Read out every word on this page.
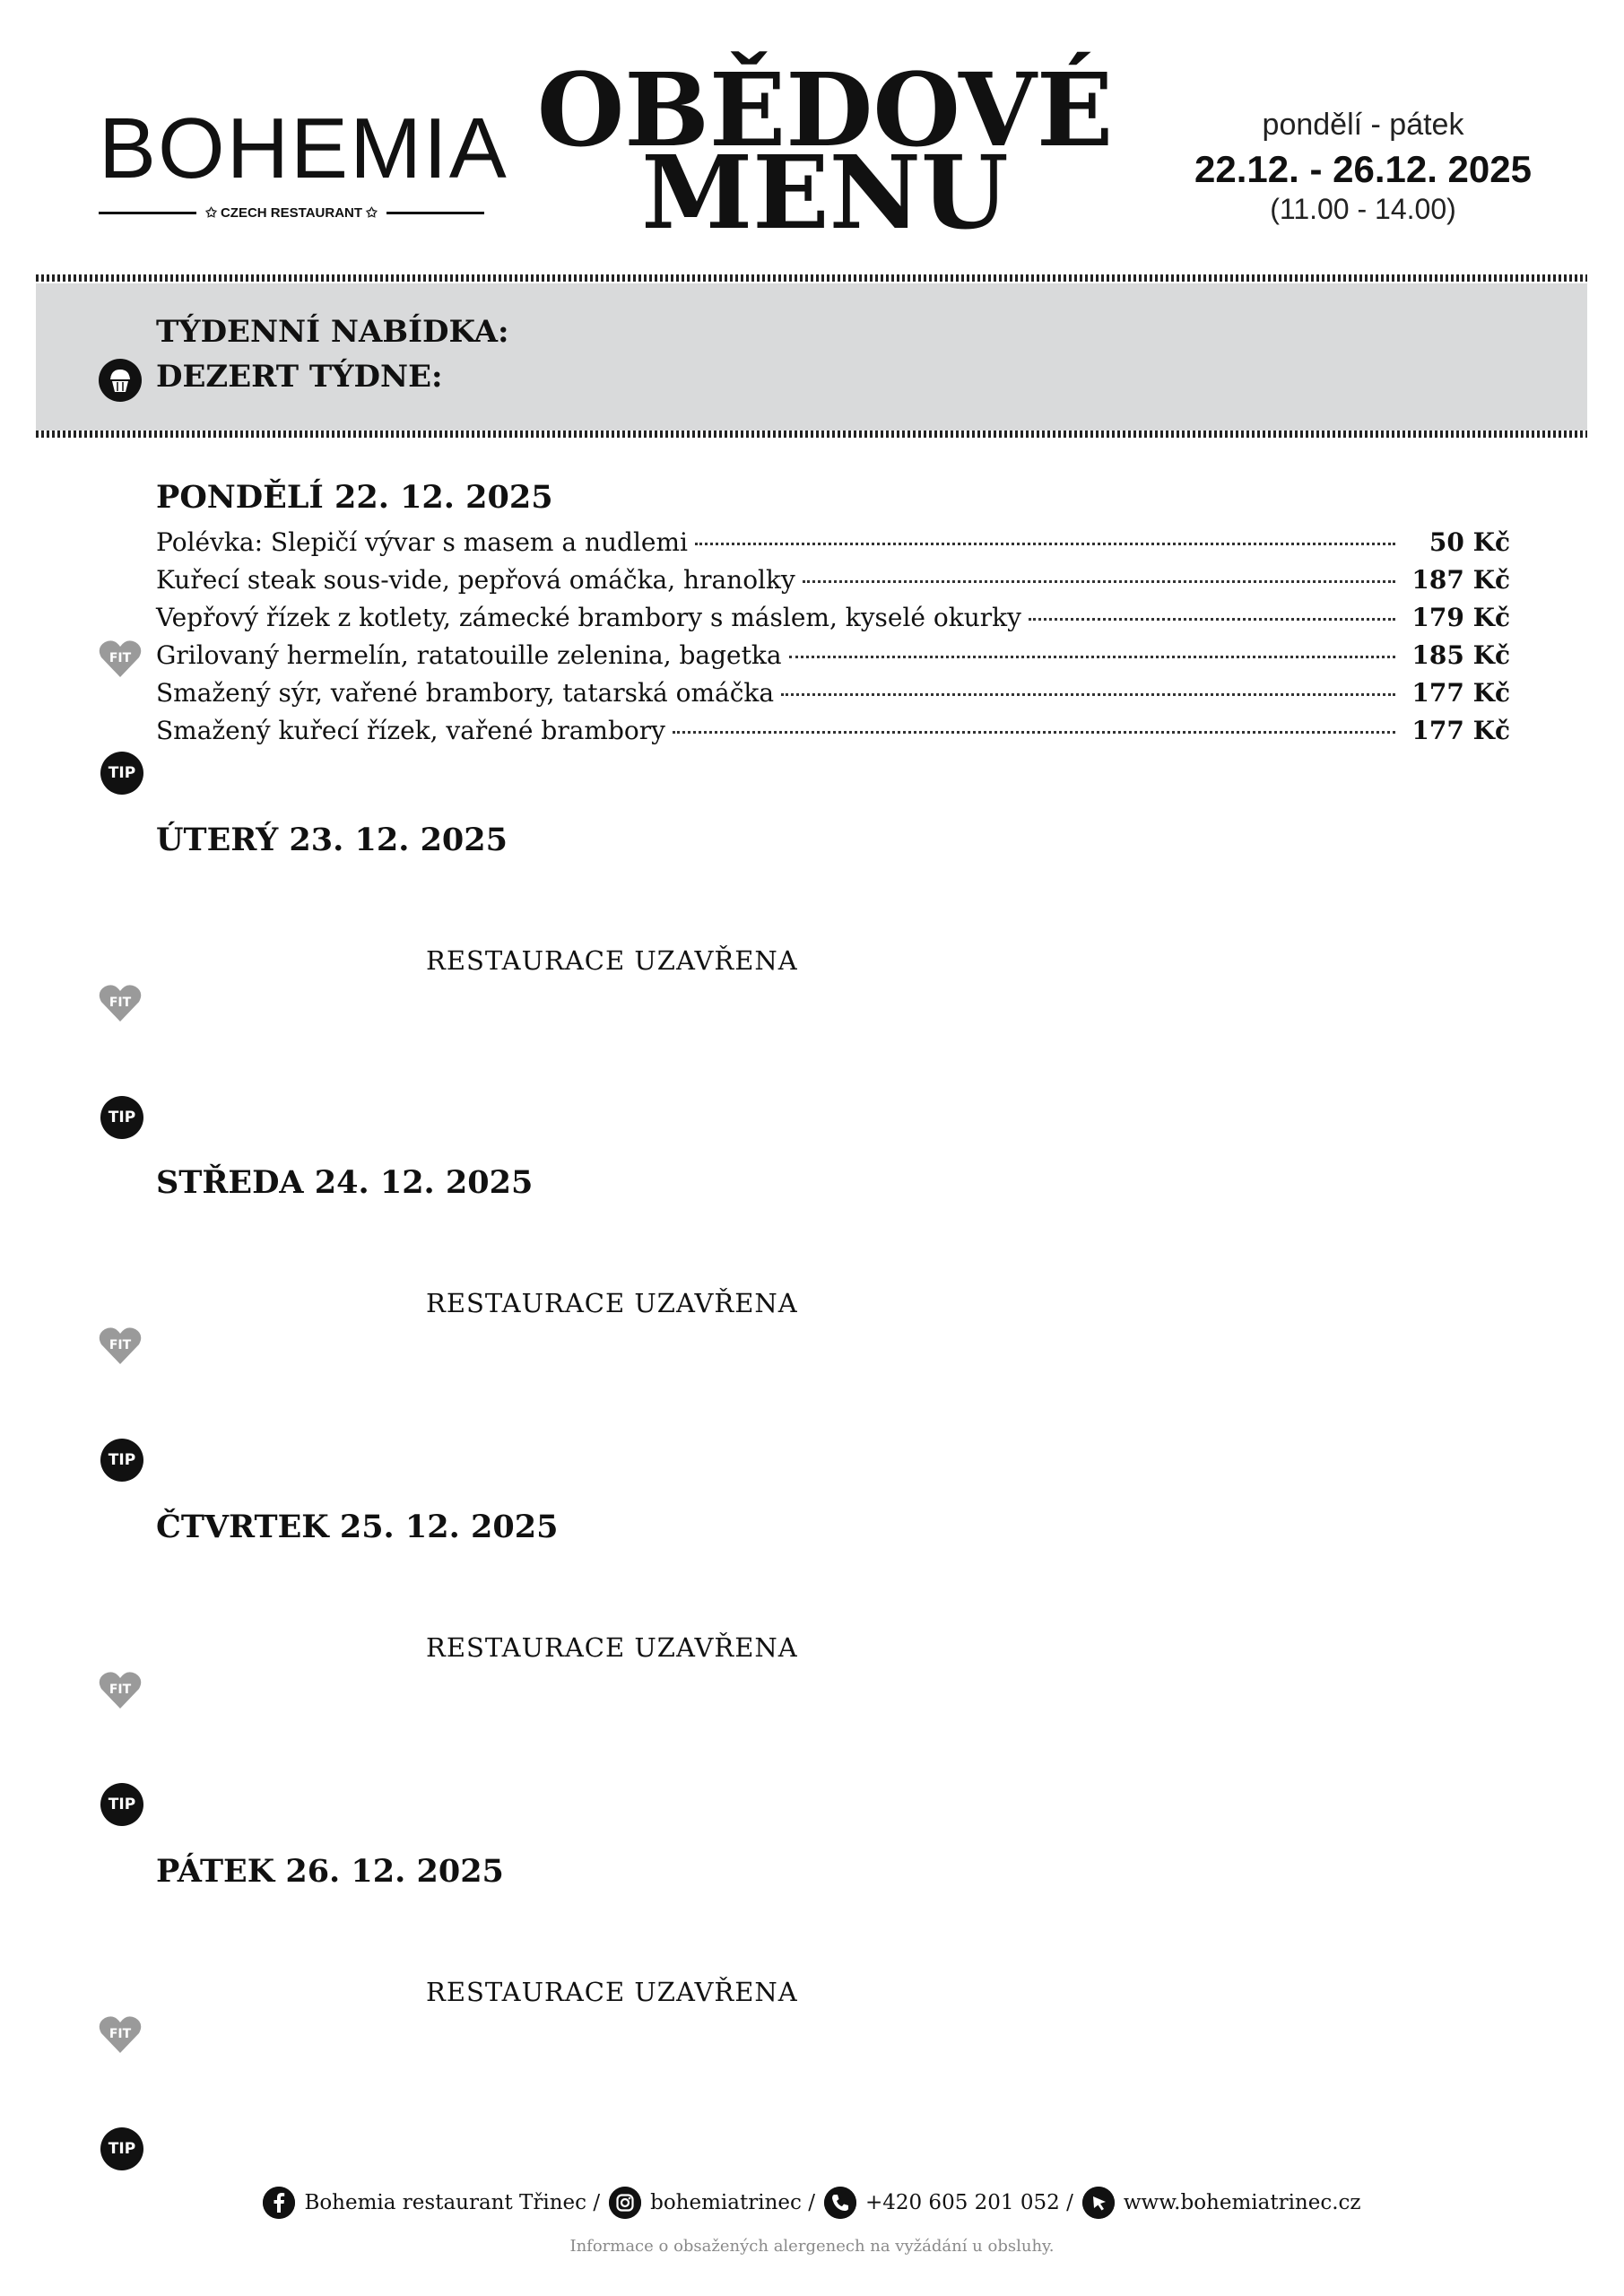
BOHEMIA
✩ CZECH RESTAURANT ✩
OBĚDOVÉ
MENU
pondělí - pátek
22.12. - 26.12. 2025
(11.00 - 14.00)
TÝDENNÍ NABÍDKA:
DEZERT TÝDNE:
PONDĚLÍ 22. 12. 2025
Polévka: Slepičí vývar s masem a nudlemi	50 Kč
Kuřecí steak sous-vide, pepřová omáčka, hranolky	187 Kč
Vepřový řízek z kotlety, zámecké brambory s máslem, kyselé okurky	179 Kč
Grilovaný hermelín, ratatouille zelenina, bagetka	185 Kč
Smažený sýr, vařené brambory, tatarská omáčka	177 Kč
Smažený kuřecí řízek, vařené brambory	177 Kč
FIT
TIP
ÚTERÝ 23. 12. 2025
RESTAURACE UZAVŘENA
FIT
TIP
STŘEDA 24. 12. 2025
RESTAURACE UZAVŘENA
FIT
TIP
ČTVRTEK 25. 12. 2025
RESTAURACE UZAVŘENA
FIT
TIP
PÁTEK 26. 12. 2025
RESTAURACE UZAVŘENA
FIT
TIP
Bohemia restaurant Třinec / bohemiatrinec / +420 605 201 052 / www.bohemiatrinec.cz
Informace o obsažených alergenech na vyžádání u obsluhy.
